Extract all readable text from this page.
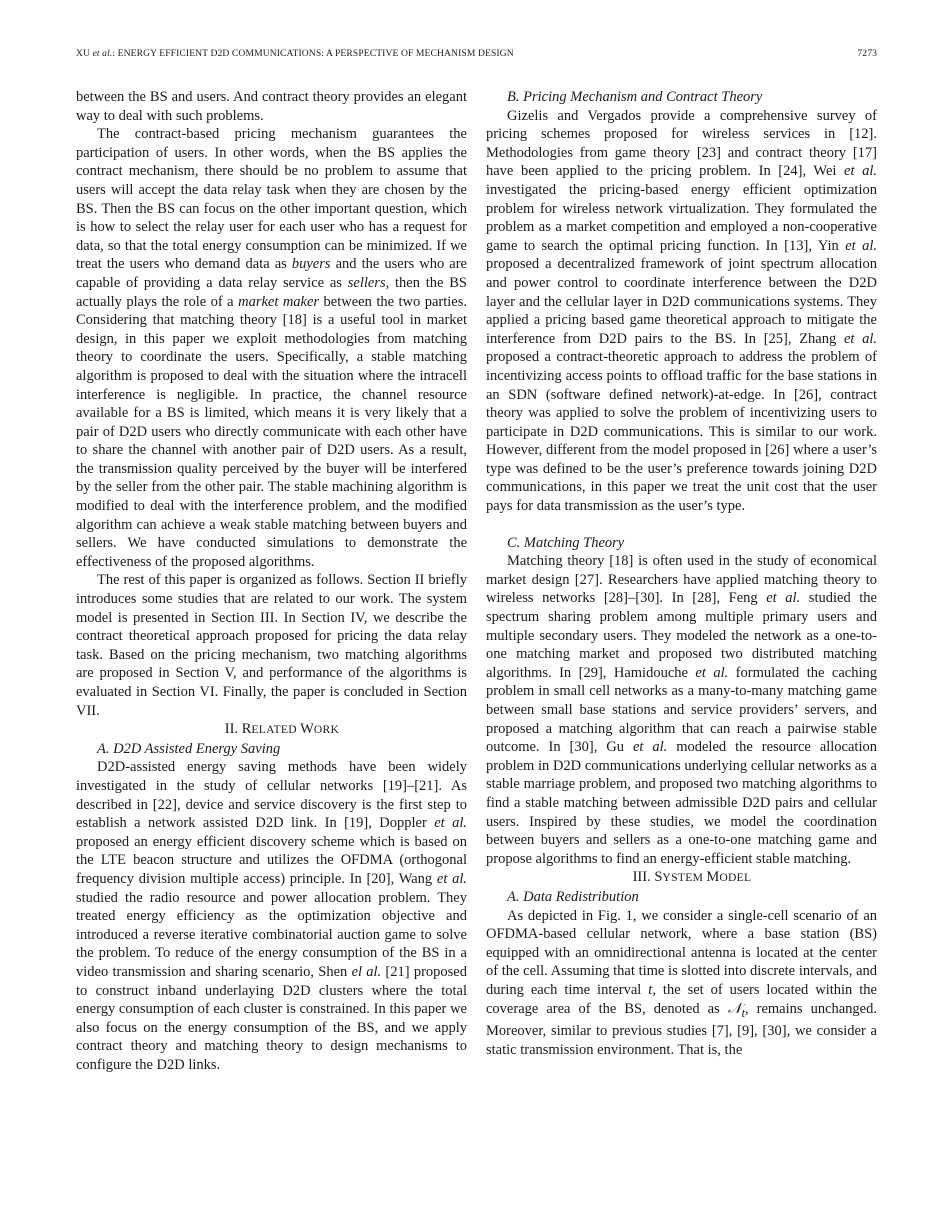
XU et al.: ENERGY EFFICIENT D2D COMMUNICATIONS: A PERSPECTIVE OF MECHANISM DESIGN	7273

between the BS and users. And contract theory provides an elegant way to deal with such problems.

The contract-based pricing mechanism guarantees the participation of users. In other words, when the BS applies the contract mechanism, there should be no problem to assume that users will accept the data relay task when they are chosen by the BS. Then the BS can focus on the other important question, which is how to select the relay user for each user who has a request for data, so that the total energy consumption can be minimized. If we treat the users who demand data as buyers and the users who are capable of providing a data relay service as sellers, then the BS actually plays the role of a market maker between the two parties. Considering that matching theory [18] is a useful tool in market design, in this paper we exploit methodologies from matching theory to coordinate the users. Specifically, a stable matching algorithm is proposed to deal with the situation where the intracell interference is negligible. In practice, the channel resource available for a BS is limited, which means it is very likely that a pair of D2D users who directly communicate with each other have to share the channel with another pair of D2D users. As a result, the transmission quality perceived by the buyer will be interfered by the seller from the other pair. The stable machining algorithm is modified to deal with the interference problem, and the modified algorithm can achieve a weak stable matching between buyers and sellers. We have conducted simulations to demonstrate the effectiveness of the proposed algorithms.

The rest of this paper is organized as follows. Section II briefly introduces some studies that are related to our work. The system model is presented in Section III. In Section IV, we describe the contract theoretical approach proposed for pricing the data relay task. Based on the pricing mechanism, two matching algorithms are proposed in Section V, and performance of the algorithms is evaluated in Section VI. Finally, the paper is concluded in Section VII.

II. RELATED WORK

A. D2D Assisted Energy Saving

D2D-assisted energy saving methods have been widely investigated in the study of cellular networks [19]–[21]. As described in [22], device and service discovery is the first step to establish a network assisted D2D link. In [19], Doppler et al. proposed an energy efficient discovery scheme which is based on the LTE beacon structure and utilizes the OFDMA (orthogonal frequency division multiple access) principle. In [20], Wang et al. studied the radio resource and power allocation problem. They treated energy efficiency as the optimization objective and introduced a reverse iterative combinatorial auction game to solve the problem. To reduce of the energy consumption of the BS in a video transmission and sharing scenario, Shen el al. [21] proposed to construct inband underlaying D2D clusters where the total energy consumption of each cluster is constrained. In this paper we also focus on the energy consumption of the BS, and we apply contract theory and matching theory to design mechanisms to configure the D2D links.

B. Pricing Mechanism and Contract Theory

Gizelis and Vergados provide a comprehensive survey of pricing schemes proposed for wireless services in [12]. Methodologies from game theory [23] and contract theory [17] have been applied to the pricing problem. In [24], Wei et al. investigated the pricing-based energy efficient optimization problem for wireless network virtualization. They formulated the problem as a market competition and employed a non-cooperative game to search the optimal pricing function. In [13], Yin et al. proposed a decentralized framework of joint spectrum allocation and power control to coordinate interference between the D2D layer and the cellular layer in D2D communications systems. They applied a pricing based game theoretical approach to mitigate the interference from D2D pairs to the BS. In [25], Zhang et al. proposed a contract-theoretic approach to address the problem of incentivizing access points to offload traffic for the base stations in an SDN (software defined network)-at-edge. In [26], contract theory was applied to solve the problem of incentivizing users to participate in D2D communications. This is similar to our work. However, different from the model proposed in [26] where a user’s type was defined to be the user’s preference towards joining D2D communications, in this paper we treat the unit cost that the user pays for data transmission as the user’s type.

C. Matching Theory

Matching theory [18] is often used in the study of economical market design [27]. Researchers have applied matching theory to wireless networks [28]–[30]. In [28], Feng et al. studied the spectrum sharing problem among multiple primary users and multiple secondary users. They modeled the network as a one-to-one matching market and proposed two distributed matching algorithms. In [29], Hamidouche et al. formulated the caching problem in small cell networks as a many-to-many matching game between small base stations and service providers’ servers, and proposed a matching algorithm that can reach a pairwise stable outcome. In [30], Gu et al. modeled the resource allocation problem in D2D communications underlying cellular networks as a stable marriage problem, and proposed two matching algorithms to find a stable matching between admissible D2D pairs and cellular users. Inspired by these studies, we model the coordination between buyers and sellers as a one-to-one matching game and propose algorithms to find an energy-efficient stable matching.

III. SYSTEM MODEL

A. Data Redistribution

As depicted in Fig. 1, we consider a single-cell scenario of an OFDMA-based cellular network, where a base station (BS) equipped with an omnidirectional antenna is located at the center of the cell. Assuming that time is slotted into discrete intervals, and during each time interval t, the set of users located within the coverage area of the BS, denoted as 𝒩$_t$, remains unchanged. Moreover, similar to previous studies [7], [9], [30], we consider a static transmission environment. That is, the
